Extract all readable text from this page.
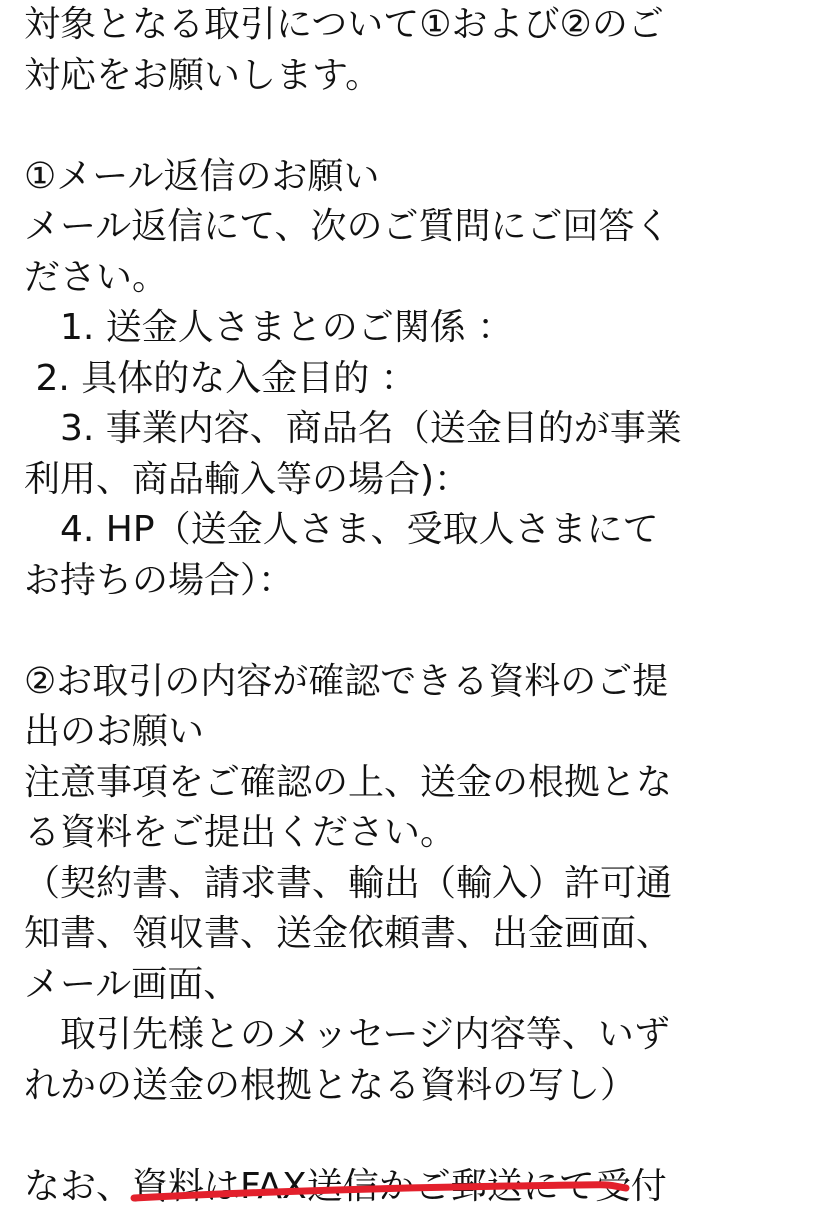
対象となる取引について①および②のご
対応をお願いします。
①メール返信のお願い
メール返信にて、次のご質問にご回答く
ださい。
　1. 送金人さまとのご関係 ：
2. 具体的な入金目的 ：
　3. 事業内容、商品名（送金目的が事業
利用、商品輸入等の場合)：
　4. HP（送金人さま、受取人さまにて
お持ちの場合）：
②お取引の内容が確認できる資料のご提
出のお願い
注意事項をご確認の上、送金の根拠とな
る資料をご提出ください。
（契約書、請求書、輸出（輸入）許可通
知書、領収書、送金依頼書、出金画面、
メール画面、
　取引先様とのメッセージ内容等、いず
れかの送金の根拠となる資料の写し）
なお、資料はFAX送信かご郵送にて受付
